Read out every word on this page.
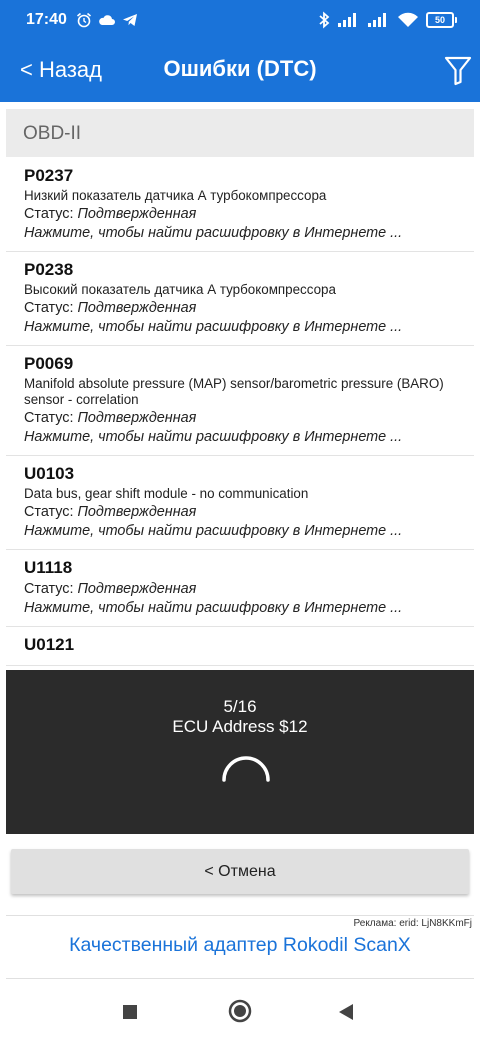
17:40	50
< Назад	Ошибки (DTC)
OBD-II
P0237
Низкий показатель датчика А турбокомпрессора
Статус: Подтвержденная
Нажмите, чтобы найти расшифровку в Интернете ...
P0238
Высокий показатель датчика А турбокомпрессора
Статус: Подтвержденная
Нажмите, чтобы найти расшифровку в Интернете ...
P0069
Manifold absolute pressure (MAP) sensor/barometric pressure (BARO) sensor - correlation
Статус: Подтвержденная
Нажмите, чтобы найти расшифровку в Интернете ...
U0103
Data bus, gear shift module - no communication
Статус: Подтвержденная
Нажмите, чтобы найти расшифровку в Интернете ...
U1118
Статус: Подтвержденная
Нажмите, чтобы найти расшифровку в Интернете ...
U0121
5/16
ECU Address $12
< Отмена
Реклама: erid: LjN8KKmFj
Качественный адаптер Rokodil ScanX
